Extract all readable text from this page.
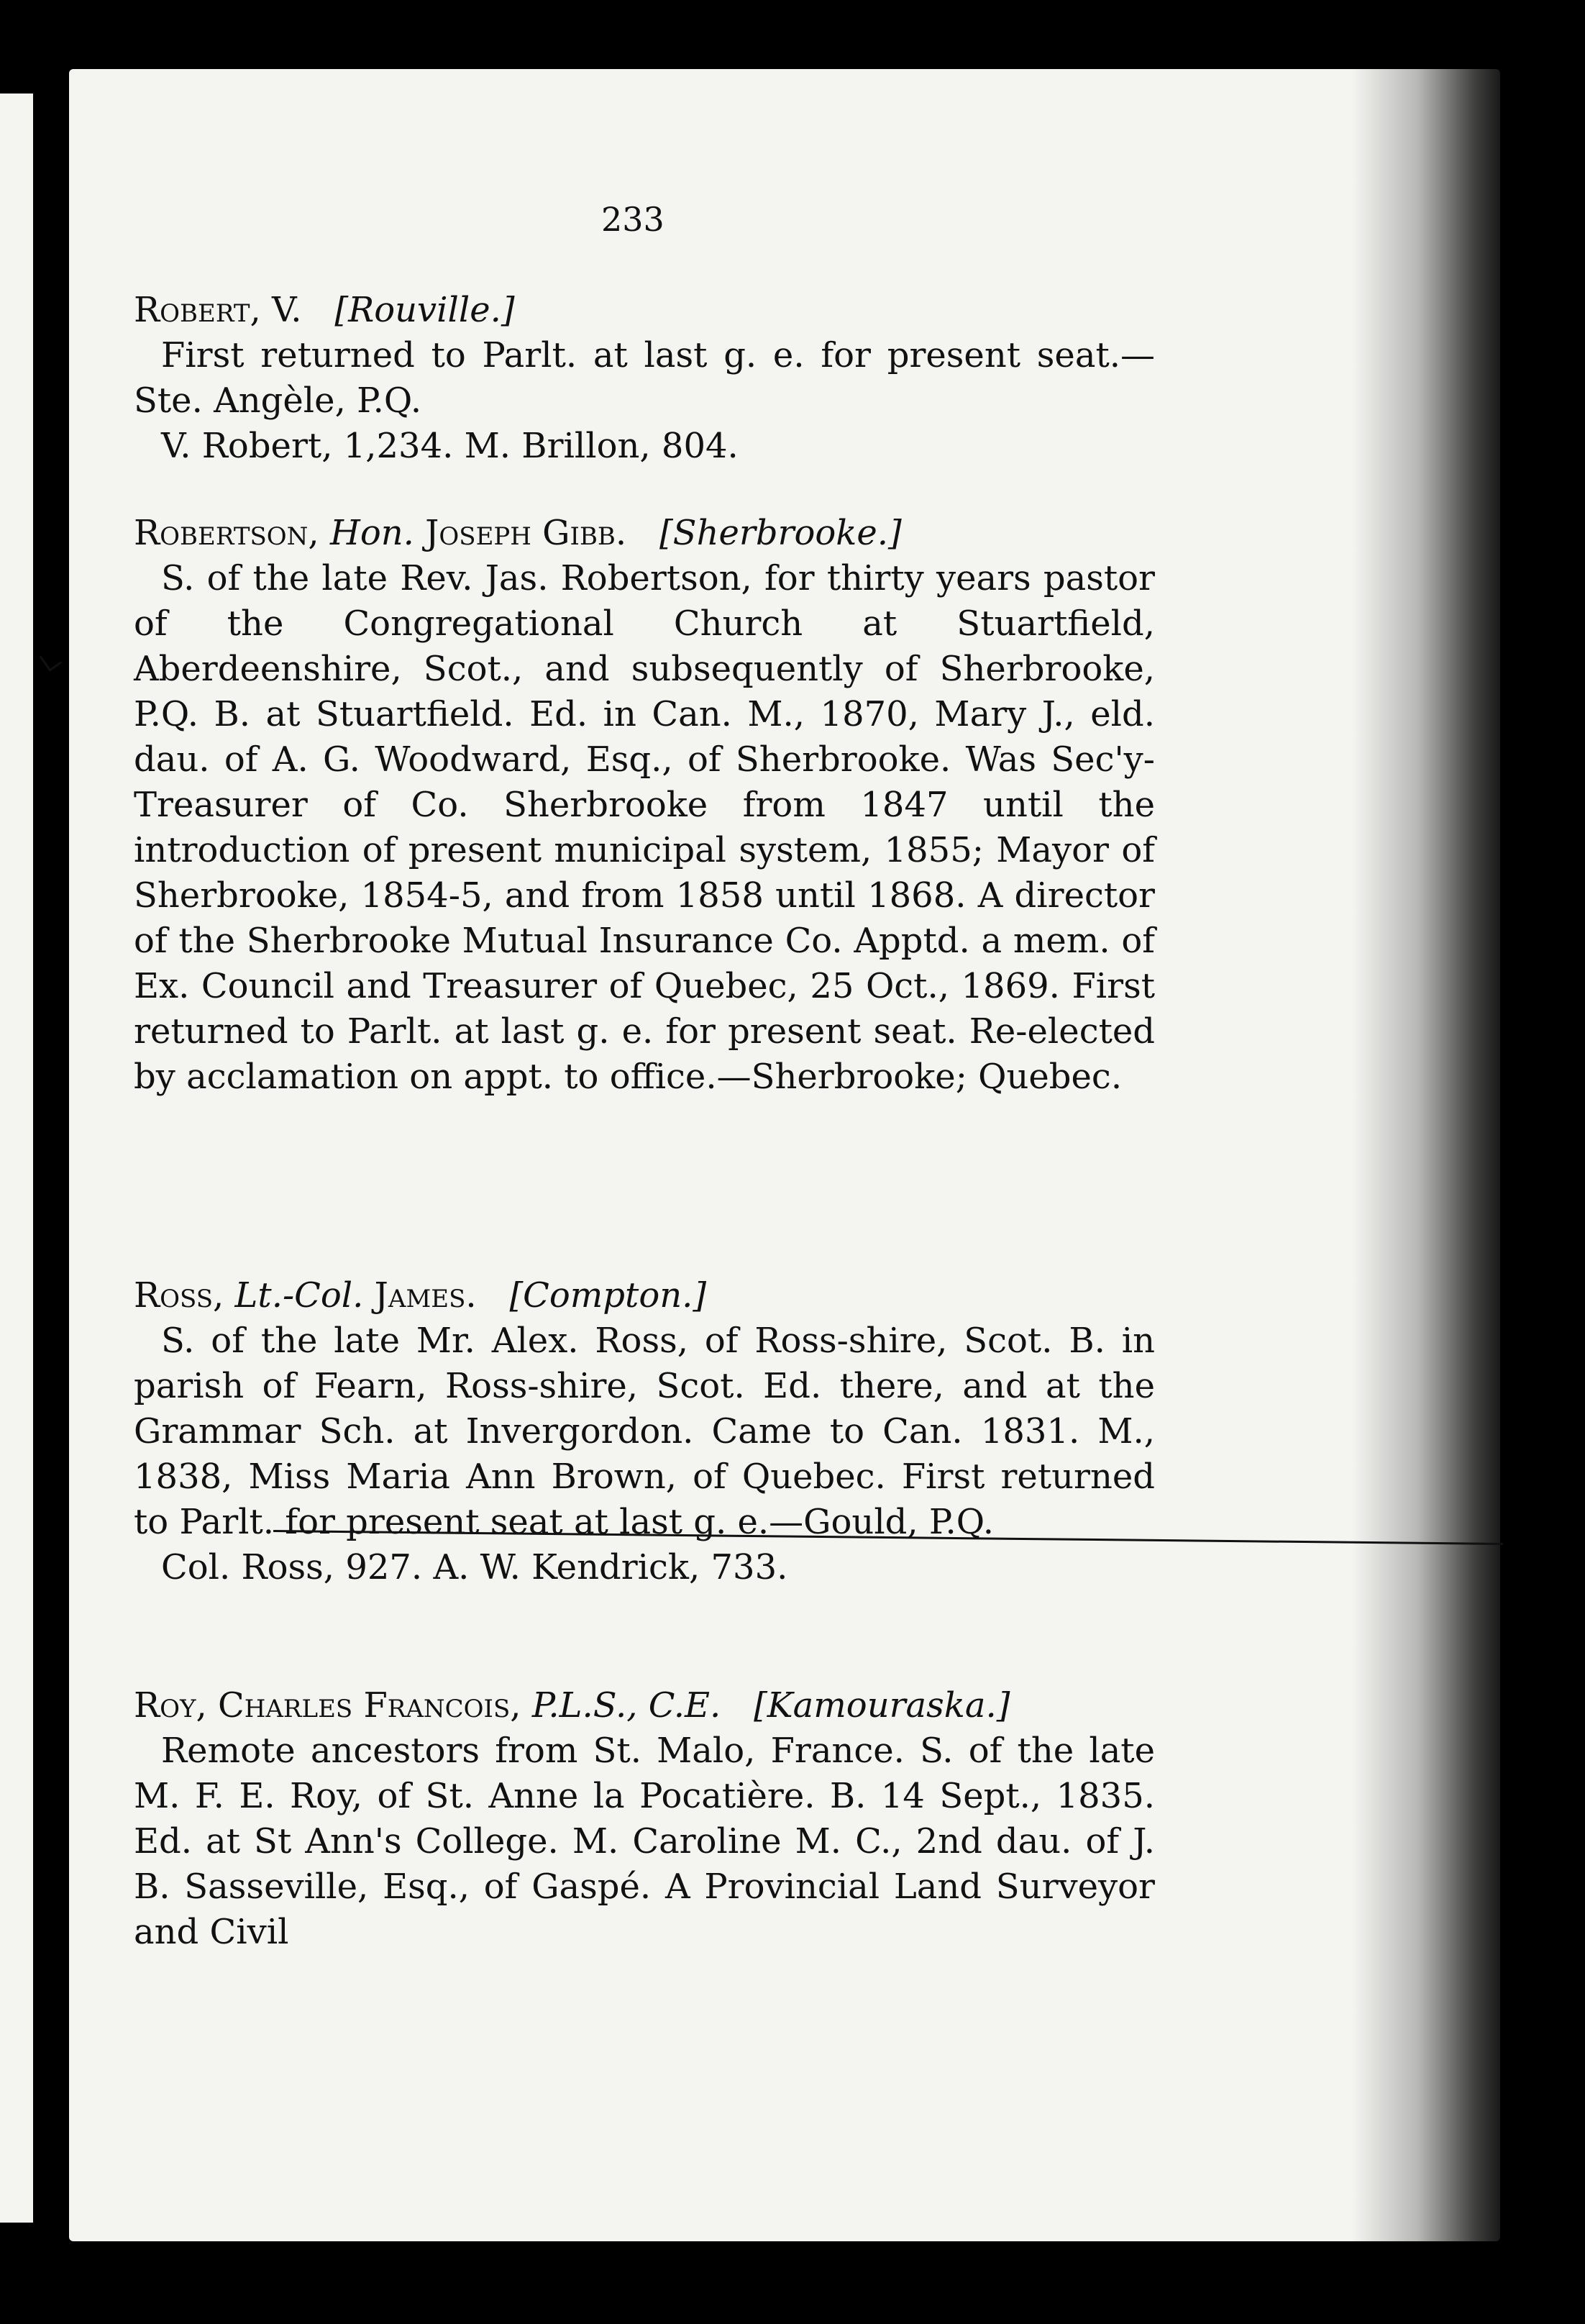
233
Robert, V. [Rouville.]

First returned to Parlt. at last g. e. for present seat.—Ste. Angèle, P.Q.

V. Robert, 1,234. M. Brillon, 804.

Robertson, Hon. Joseph Gibb. [Sherbrooke.]

S. of the late Rev. Jas. Robertson, for thirty years pastor of the Congregational Church at Stuartfield, Aberdeenshire, Scot., and subsequently of Sherbrooke, P.Q. B. at Stuartfield. Ed. in Can. M., 1870, Mary J., eld. dau. of A. G. Woodward, Esq., of Sherbrooke. Was Sec'y-Treasurer of Co. Sherbrooke from 1847 until the introduction of present municipal system, 1855; Mayor of Sherbrooke, 1854-5, and from 1858 until 1868. A director of the Sherbrooke Mutual Insurance Co. Apptd. a mem. of Ex. Council and Treasurer of Quebec, 25 Oct., 1869. First returned to Parlt. at last g. e. for present seat. Re-elected by acclamation on appt. to office.—Sherbrooke; Quebec.

Ross, Lt.-Col. James. [Compton.]

S. of the late Mr. Alex. Ross, of Ross-shire, Scot. B. in parish of Fearn, Ross-shire, Scot. Ed. there, and at the Grammar Sch. at Invergordon. Came to Can. 1831. M., 1838, Miss Maria Ann Brown, of Quebec. First returned to Parlt. for present seat at last g. e.—Gould, P.Q.

Col. Ross, 927. A. W. Kendrick, 733.

Roy, Charles Francois, P.L.S., C.E. [Kamouraska.]

Remote ancestors from St. Malo, France. S. of the late M. F. E. Roy, of St. Anne la Pocatière. B. 14 Sept., 1835. Ed. at St Ann's College. M. Caroline M. C., 2nd dau. of J. B. Sasseville, Esq., of Gaspé. A Provincial Land Surveyor and Civil
